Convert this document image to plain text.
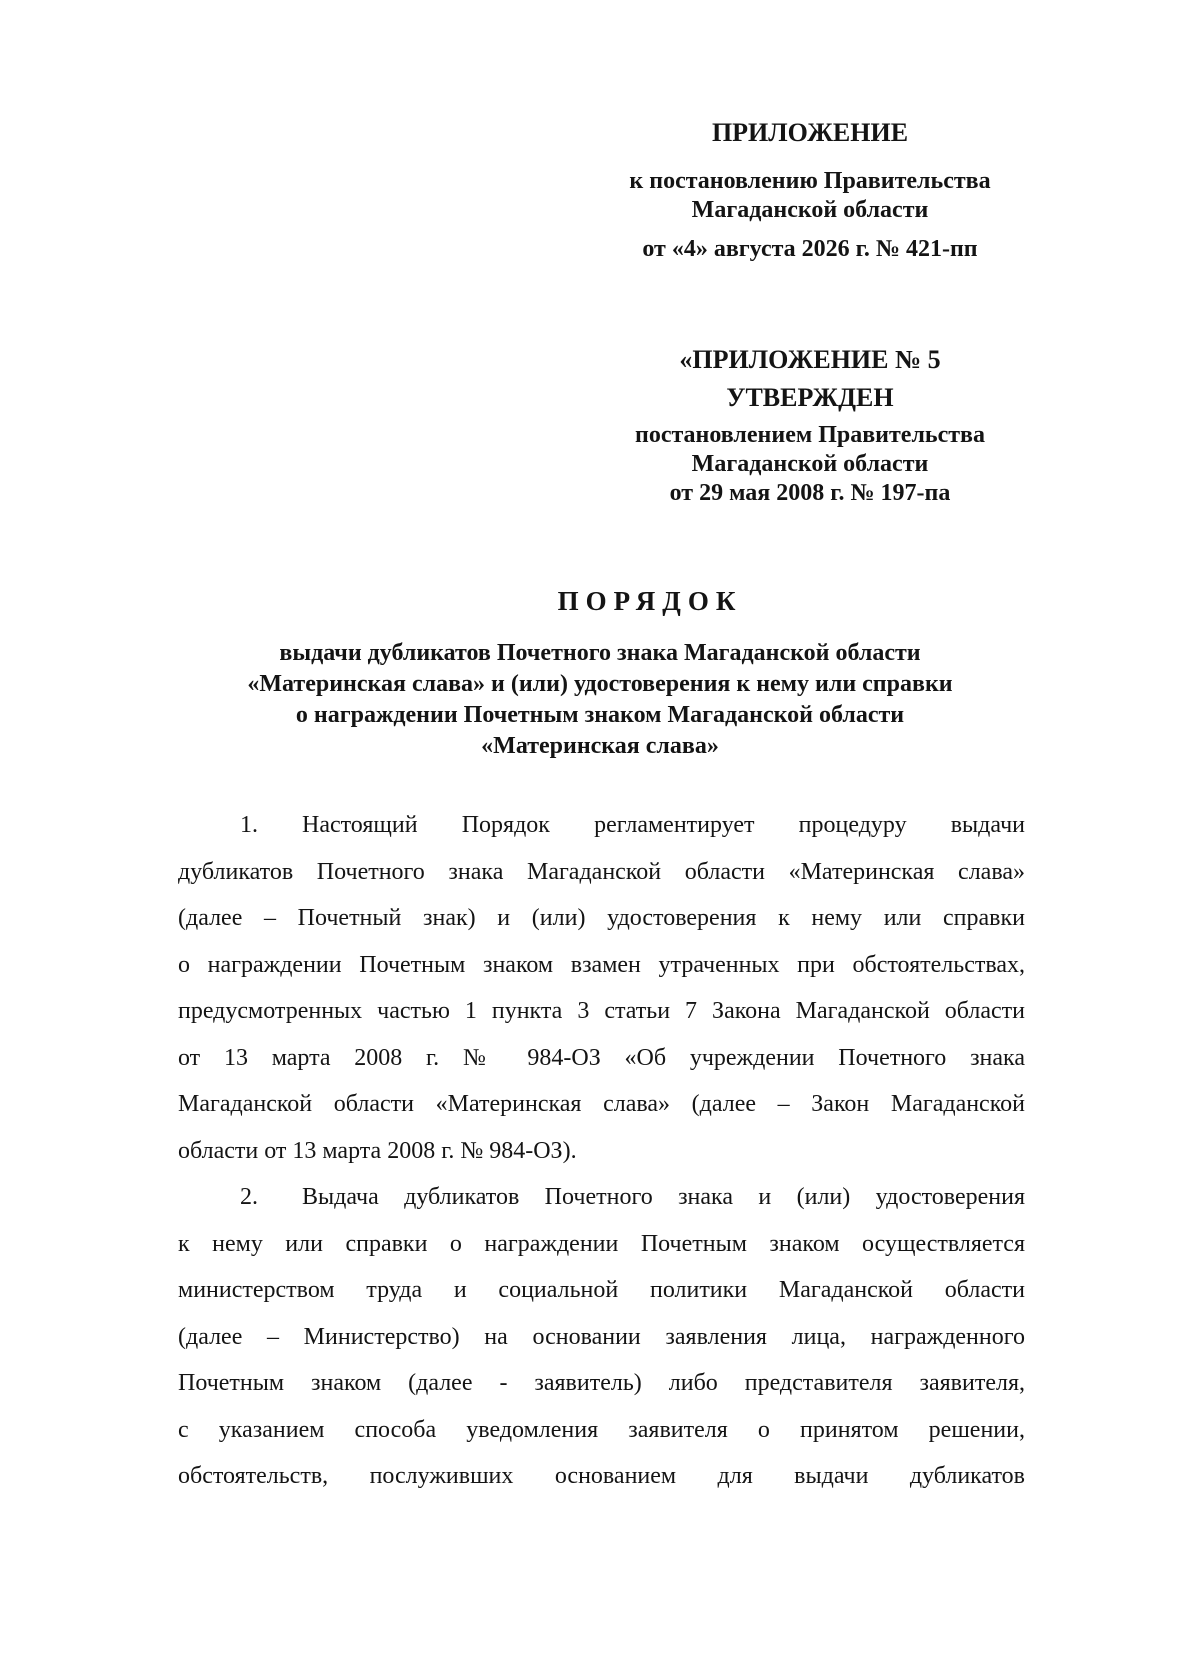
ПРИЛОЖЕНИЕ
к постановлению Правительства
Магаданской области
от «4» августа 2026 г. № 421-пп
«ПРИЛОЖЕНИЕ № 5
УТВЕРЖДЕН
постановлением Правительства
Магаданской области
от 29 мая 2008 г. № 197-па
ПОРЯДОК
выдачи дубликатов Почетного знака Магаданской области
«Материнская слава» и (или) удостоверения к нему или справки
о награждении Почетным знаком Магаданской области
«Материнская слава»
1. Настоящий Порядок регламентирует процедуру выдачи
дубликатов Почетного знака Магаданской области «Материнская слава»
(далее – Почетный знак) и (или) удостоверения к нему или справки
о награждении Почетным знаком взамен утраченных при обстоятельствах,
предусмотренных частью 1 пункта 3 статьи 7 Закона Магаданской области
от 13 марта 2008 г. № 984-ОЗ «Об учреждении Почетного знака
Магаданской области «Материнская слава» (далее – Закон Магаданской
области от 13 марта 2008 г. № 984-ОЗ).
2. Выдача дубликатов Почетного знака и (или) удостоверения
к нему или справки о награждении Почетным знаком осуществляется
министерством труда и социальной политики Магаданской области
(далее – Министерство) на основании заявления лица, награжденного
Почетным знаком (далее - заявитель) либо представителя заявителя,
с указанием способа уведомления заявителя о принятом решении,
обстоятельств, послуживших основанием для выдачи дубликатов
